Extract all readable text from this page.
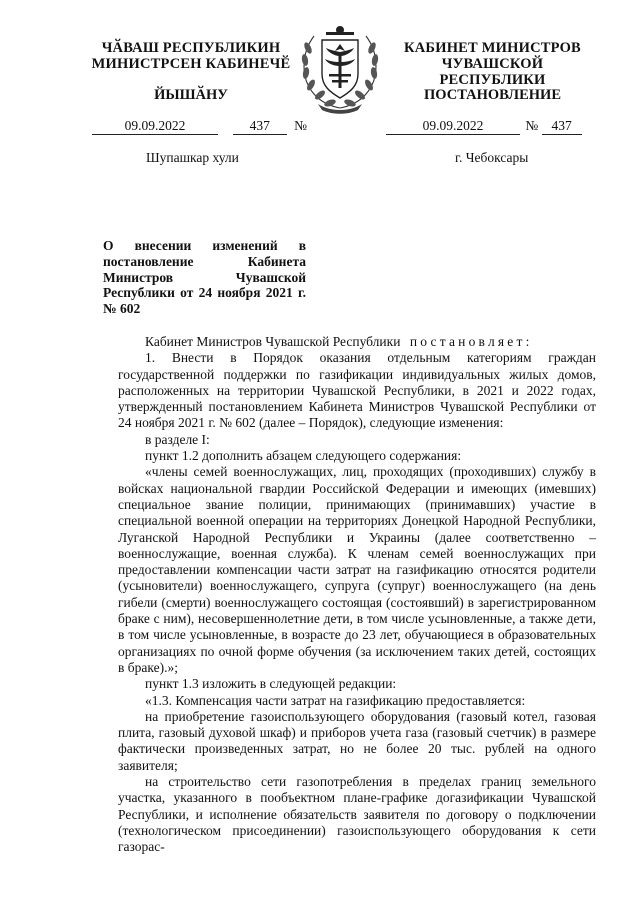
ЧӐВАШ РЕСПУБЛИКИН
МИНИСТРСЕН КАБИНЕЧӖ
ЙЫШӐНУ
КАБИНЕТ МИНИСТРОВ
ЧУВАШСКОЙ РЕСПУБЛИКИ
ПОСТАНОВЛЕНИЕ
09.09.2022	437 №	09.09.2022	№ 437
Шупашкар хули	г. Чебоксары
О внесении изменений в постановление Кабинета Министров Чувашской Республики от 24 ноября 2021 г. № 602

Кабинет Министров Чувашской Республики постановляет:

1. Внести в Порядок оказания отдельным категориям граждан государственной поддержки по газификации индивидуальных жилых домов, расположенных на территории Чувашской Республики, в 2021 и 2022 годах, утвержденный постановлением Кабинета Министров Чувашской Республики от 24 ноября 2021 г. № 602 (далее – Порядок), следующие изменения:

в разделе I:

пункт 1.2 дополнить абзацем следующего содержания:

«члены семей военнослужащих, лиц, проходящих (проходивших) службу в войсках национальной гвардии Российской Федерации и имеющих (имевших) специальное звание полиции, принимающих (принимавших) участие в специальной военной операции на территориях Донецкой Народной Республики, Луганской Народной Республики и Украины (далее соответственно – военнослужащие, военная служба). К членам семей военнослужащих при предоставлении компенсации части затрат на газификацию относятся родители (усыновители) военнослужащего, супруга (супруг) военнослужащего (на день гибели (смерти) военнослужащего состоящая (состоявший) в зарегистрированном браке с ним), несовершеннолетние дети, в том числе усыновленные, а также дети, в том числе усыновленные, в возрасте до 23 лет, обучающиеся в образовательных организациях по очной форме обучения (за исключением таких детей, состоящих в браке).»;

пункт 1.3 изложить в следующей редакции:

«1.3. Компенсация части затрат на газификацию предоставляется:

на приобретение газоиспользующего оборудования (газовый котел, газовая плита, газовый духовой шкаф) и приборов учета газа (газовый счетчик) в размере фактически произведенных затрат, но не более 20 тыс. рублей на одного заявителя;

на строительство сети газопотребления в пределах границ земельного участка, указанного в пообъектном плане-графике догазификации Чувашской Республики, и исполнение обязательств заявителя по договору о подключении (технологическом присоединении) газоиспользующего оборудования к сети газорас-
